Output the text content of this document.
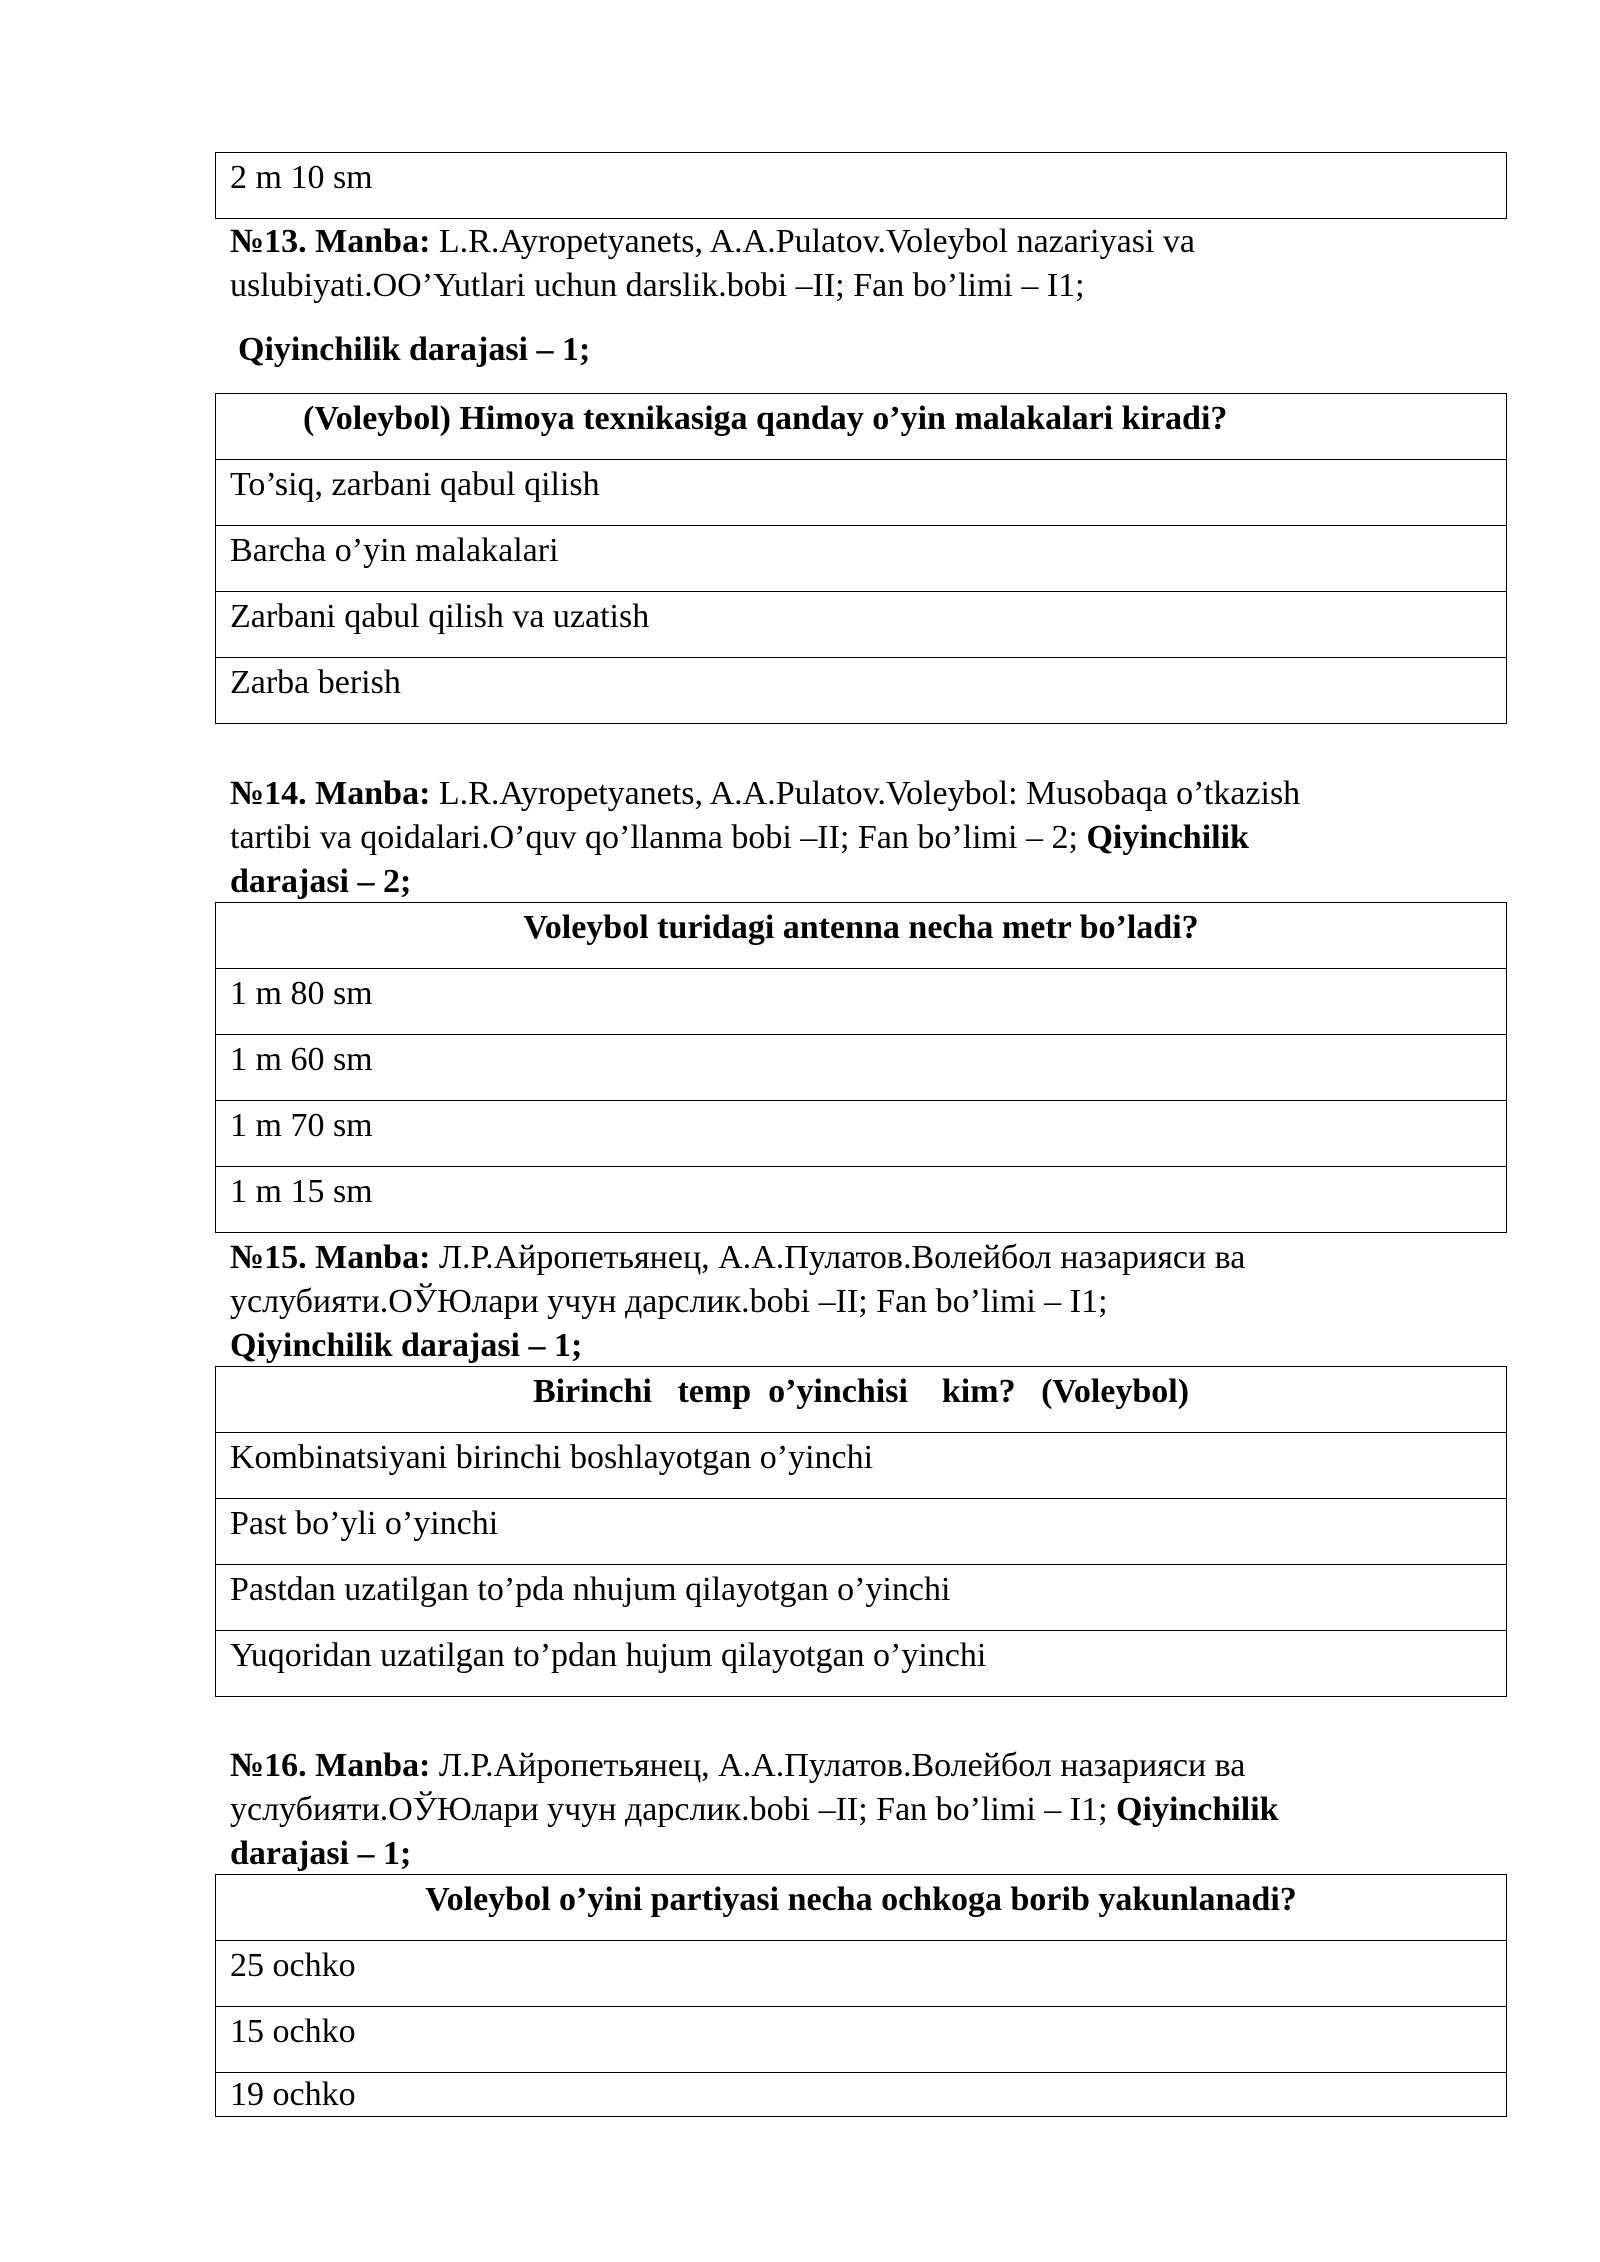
2 m 10 sm
№13. Manba: L.R.Ayropetyanets, A.A.Pulatov.Voleybol nazariyasi va
uslubiyati.OO’Yutlari uchun darslik.bobi –II; Fan bo’limi – I1;
Qiyinchilik darajasi – 1;
(Voleybol) Himoya texnikasiga qanday o’yin malakalari kiradi?
To’siq, zarbani qabul qilish
Barcha o’yin malakalari
Zarbani qabul qilish va uzatish
Zarba berish
№14. Manba: L.R.Ayropetyanets, A.A.Pulatov.Voleybol: Musobaqa o’tkazish
tartibi va qoidalari.O’quv qo’llanma bobi –II; Fan bo’limi – 2; Qiyinchilik
darajasi – 2;
Voleybol turidagi antenna necha metr bo’ladi?
1 m 80 sm
1 m 60 sm
1 m 70 sm
1 m 15 sm
№15. Manba: Л.Р.Айропетьянец, А.А.Пулатов.Волейбол назарияси ва
услубияти.ОЎЮлари учун дарслик.bobi –II; Fan bo’limi – I1;
Qiyinchilik darajasi – 1;
Birinchi   temp  o’yinchisi    kim?   (Voleybol)
Kombinatsiyani birinchi boshlayotgan o’yinchi
Past bo’yli o’yinchi
Pastdan uzatilgan to’pda nhujum qilayotgan o’yinchi
Yuqoridan uzatilgan to’pdan hujum qilayotgan o’yinchi
№16. Manba: Л.Р.Айропетьянец, А.А.Пулатов.Волейбол назарияси ва
услубияти.ОЎЮлари учун дарслик.bobi –II; Fan bo’limi – I1; Qiyinchilik
darajasi – 1;
Voleybol o’yini partiyasi necha ochkoga borib yakunlanadi?
25 ochko
15 ochko
19 ochko
